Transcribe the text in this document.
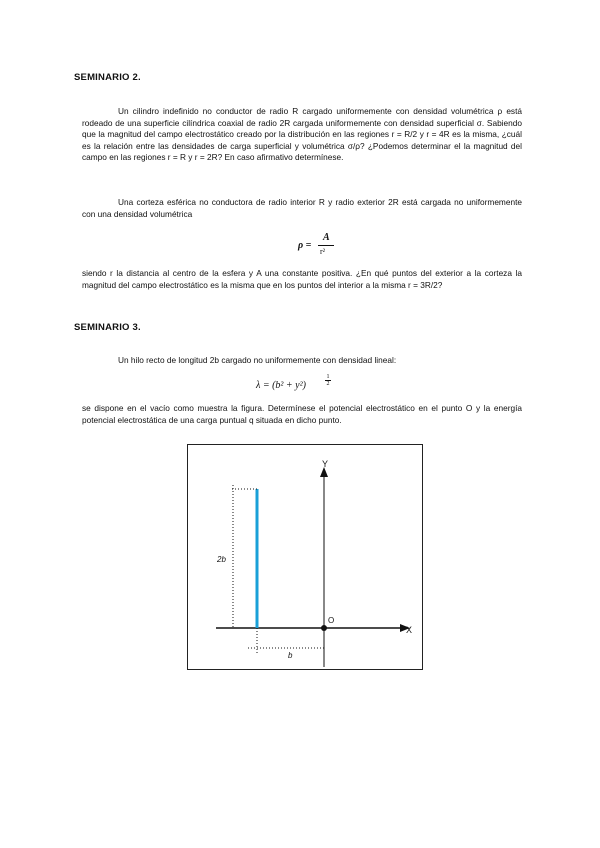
SEMINARIO 2.
Un cilindro indefinido no conductor de radio R cargado uniformemente con densidad volumétrica ρ está rodeado de una superficie cilíndrica coaxial de radio 2R cargada uniformemente con densidad superficial σ. Sabiendo que la magnitud del campo electrostático creado por la distribución en las regiones r = R/2 y r = 4R es la misma, ¿cuál es la relación entre las densidades de carga superficial y volumétrica σ/ρ? ¿Podemos determinar el la magnitud del campo en las regiones r = R y r = 2R? En caso afirmativo determínese.
Una corteza esférica no conductora de radio interior R y radio exterior 2R está cargada no uniformemente con una densidad volumétrica
ρ =
A
r²
siendo r la distancia al centro de la esfera y A una constante positiva. ¿En qué puntos del exterior a la corteza la magnitud del campo electrostático es la misma que en los puntos del interior a la misma r = 3R/2?
SEMINARIO 3.
Un hilo recto de longitud 2b cargado no uniformemente con densidad lineal:
λ = (b² + y²)	$\frac{1}{2}$
se dispone en el vacío como muestra la figura. Determínese el potencial electrostático en el punto O y la energía potencial electrostática de una carga puntual q situada en dicho punto.
Y
X
O
2b
b
